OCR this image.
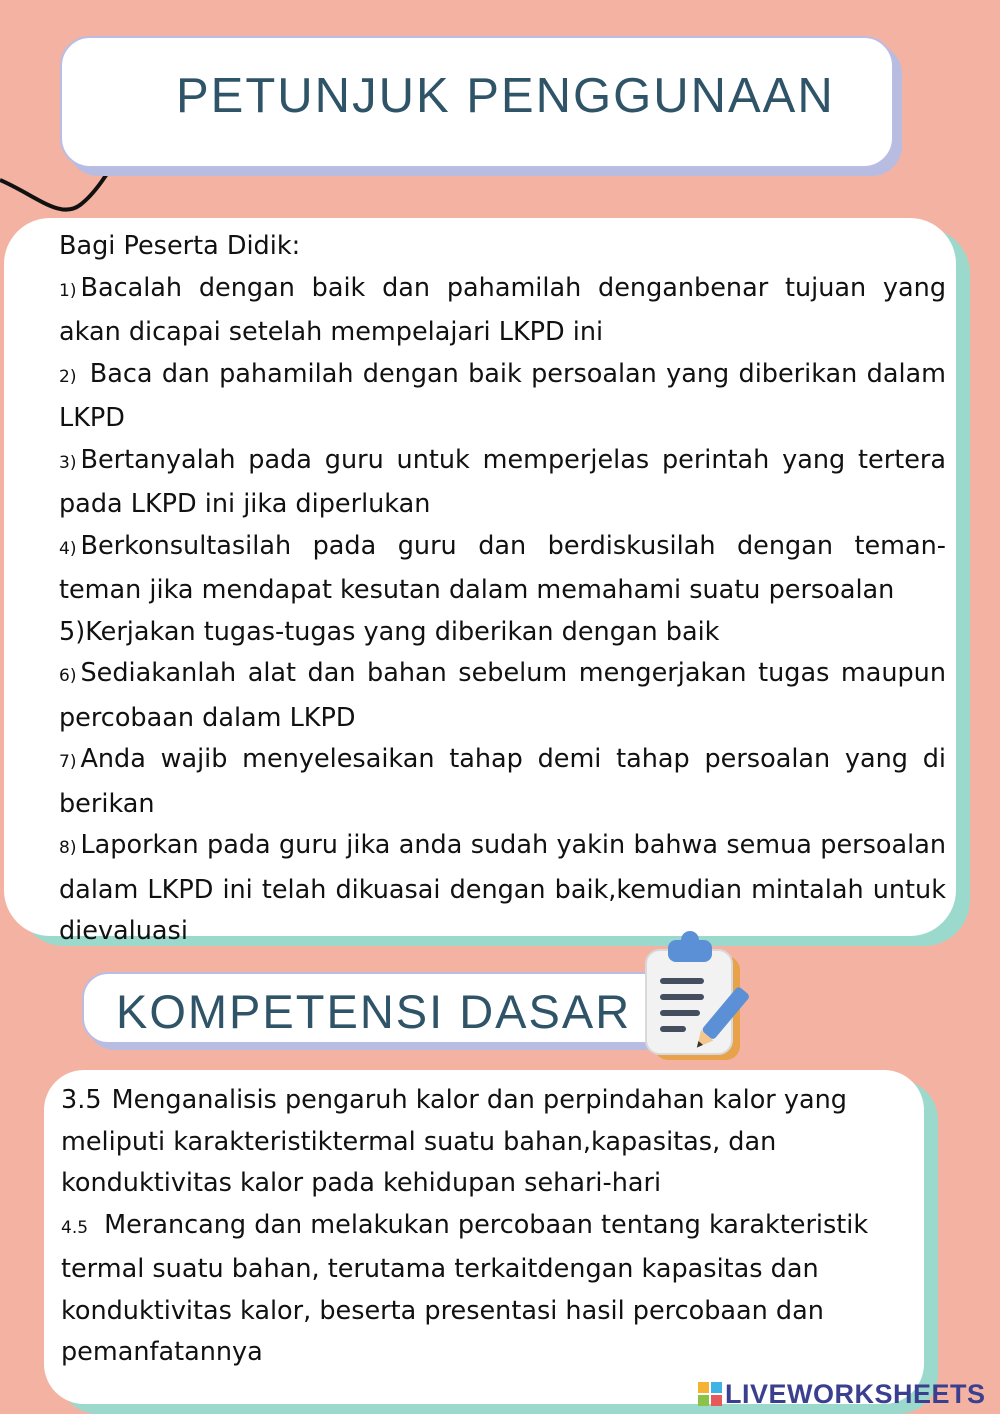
PETUNJUK PENGGUNAAN

Bagi Peserta Didik:

1) Bacalah dengan baik dan pahamilah denganbenar tujuan yang akan dicapai setelah mempelajari LKPD ini

2) Baca dan pahamilah dengan baik persoalan yang diberikan dalam LKPD

3) Bertanyalah pada guru untuk memperjelas perintah yang tertera pada LKPD ini jika diperlukan

4) Berkonsultasilah pada guru dan berdiskusilah dengan teman-teman jika mendapat kesutan dalam memahami suatu persoalan

5)Kerjakan tugas-tugas yang diberikan dengan baik

6) Sediakanlah alat dan bahan sebelum mengerjakan tugas maupun percobaan dalam LKPD

7) Anda wajib menyelesaikan tahap demi tahap persoalan yang di berikan

8) Laporkan pada guru jika anda sudah yakin bahwa semua persoalan dalam LKPD ini telah dikuasai dengan baik,kemudian mintalah untuk dievaluasi

KOMPETENSI DASAR

3.5 Menganalisis pengaruh kalor dan perpindahan kalor yang meliputi karakteristiktermal suatu bahan,kapasitas, dan konduktivitas kalor pada kehidupan sehari-hari

4.5 Merancang dan melakukan percobaan tentang karakteristik termal suatu bahan, terutama terkaitdengan kapasitas dan konduktivitas kalor, beserta presentasi hasil percobaan dan pemanfatannya

LIVEWORKSHEETS
